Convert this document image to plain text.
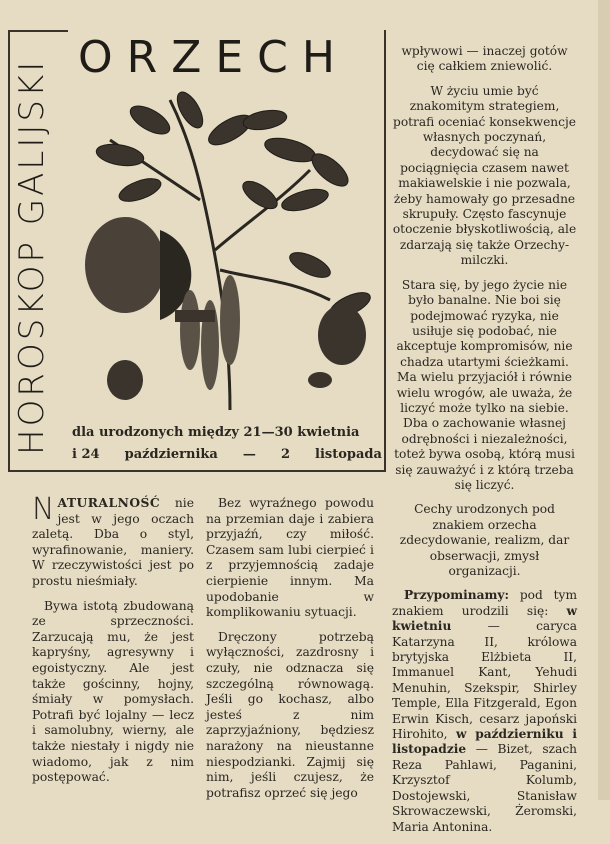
HOROSKOP GALIJSKI
ORZECH
dla urodzonych między 21—30 kwietnia
i 24 października — 2 listopada

NATURALNOŚĆ nie jest w jego oczach zaletą. Dba o styl, wyrafinowanie, maniery. W rzeczywistości jest po prostu nieśmiały.

Bywa istotą zbudowaną ze sprzeczności. Zarzucają mu, że jest kapryśny, agresywny i egoistyczny. Ale jest także gościnny, hojny, śmiały w pomysłach. Potrafi być lojalny — lecz i samolubny, wierny, ale także niestały i nigdy nie wiadomo, jak z nim postępować.

Bez wyraźnego powodu na przemian daje i zabiera przyjaźń, czy miłość. Czasem sam lubi cierpieć i z przyjemnością zadaje cierpienie innym. Ma upodobanie w komplikowaniu sytuacji.

Dręczony potrzebą wyłączności, zazdrosny i czuły, nie odznacza się szczególną równowagą. Jeśli go kochasz, albo jesteś z nim zaprzyjaźniony, będziesz narażony na nieustanne niespodzianki. Zajmij się nim, jeśli czujesz, że potrafisz oprzeć się jego

wpływowi — inaczej gotów cię całkiem zniewolić.

W życiu umie być znakomitym strategiem, potrafi oceniać konsekwencje własnych poczynań, decydować się na pociągnięcia czasem nawet makiawelskie i nie pozwala, żeby hamowały go przesadne skrupuły. Często fascynuje otoczenie błyskotliwością, ale zdarzają się także Orzechy-milczki.

Stara się, by jego życie nie było banalne. Nie boi się podejmować ryzyka, nie usiłuje się podobać, nie akceptuje kompromisów, nie chadza utartymi ścieżkami. Ma wielu przyjaciół i równie wielu wrogów, ale uważa, że liczyć może tylko na siebie. Dba o zachowanie własnej odrębności i niezależności, toteż bywa osobą, którą musi się zauważyć i z którą trzeba się liczyć.

Cechy urodzonych pod znakiem orzecha zdecydowanie, realizm, dar obserwacji, zmysł organizacji.

Przypominamy: pod tym znakiem urodzili się: w kwietniu	— caryca Katarzyna II, królowa brytyjska Elżbieta II, Immanuel Kant, Yehudi Menuhin, Szekspir, Shirley Temple, Ella Fitzgerald, Egon Erwin Kisch, cesarz japoński Hirohito, w październiku i listopadzie — Bizet, szach Reza Pahlawi, Paganini, Krzysztof Kolumb, Dostojewski, Stanisław Skrowaczewski, Żeromski, Maria Antonina.
